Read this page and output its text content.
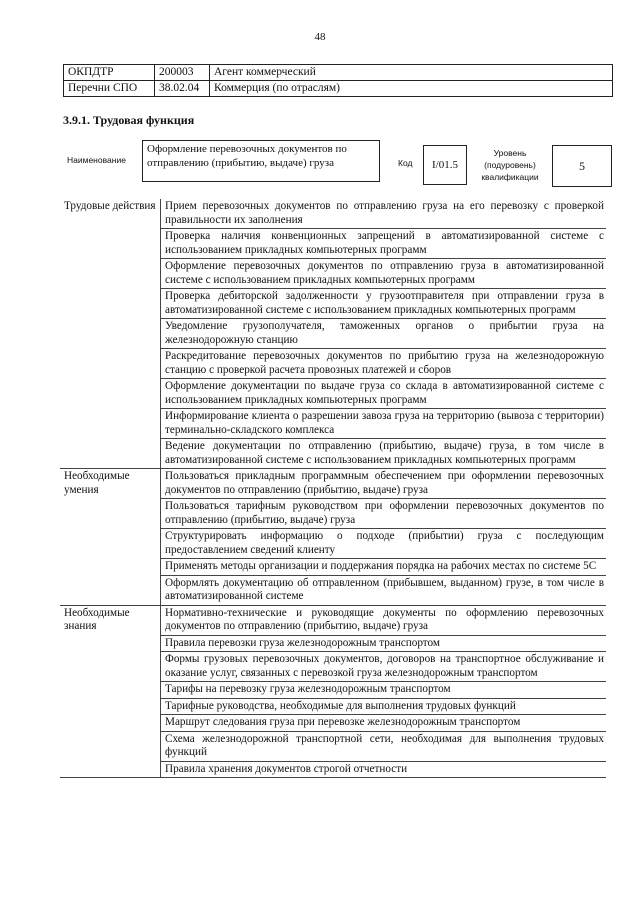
48
ОКПДТР	200003	Агент коммерческий
Перечни СПО	38.02.04	Коммерция (по отраслям)
3.9.1. Трудовая функция
Наименование
Оформление перевозочных документов по отправлению (прибытию, выдаче) груза	Код	I/01.5
Уровень (подуровень) квалификации
5
Трудовые действия	Прием перевозочных документов по отправлению груза на его перевозку с проверкой правильности их заполнения
	Проверка наличия конвенционных запрещений в автоматизированной системе с использованием прикладных компьютерных программ
	Оформление перевозочных документов по отправлению груза в автоматизированной системе с использованием прикладных компьютерных программ
	Проверка дебиторской задолженности у грузоотправителя при отправлении груза в автоматизированной системе с использованием прикладных компьютерных программ
	Уведомление грузополучателя, таможенных органов о прибытии груза на железнодорожную станцию
	Раскредитование перевозочных документов по прибытию груза на железнодорожную станцию с проверкой расчета провозных платежей и сборов
	Оформление документации по выдаче груза со склада в автоматизированной системе с использованием прикладных компьютерных программ
	Информирование клиента о разрешении завоза груза на территорию (вывоза с территории) терминально-складского комплекса
	Ведение документации по отправлению (прибытию, выдаче) груза, в том числе в автоматизированной системе с использованием прикладных компьютерных программ
Необходимые умения	Пользоваться прикладным программным обеспечением при оформлении перевозочных документов по отправлению (прибытию, выдаче) груза
	Пользоваться тарифным руководством при оформлении перевозочных документов по отправлению (прибытию, выдаче) груза
	Структурировать информацию о подходе (прибытии) груза с последующим предоставлением сведений клиенту
	Применять методы организации и поддержания порядка на рабочих местах по системе 5С
	Оформлять документацию об отправленном (прибывшем, выданном) грузе, в том числе в автоматизированной системе
Необходимые знания	Нормативно-технические и руководящие документы по оформлению перевозочных документов по отправлению (прибытию, выдаче) груза
	Правила перевозки груза железнодорожным транспортом
	Формы грузовых перевозочных документов, договоров на транспортное обслуживание и оказание услуг, связанных с перевозкой груза железнодорожным транспортом
	Тарифы на перевозку груза железнодорожным транспортом
	Тарифные руководства, необходимые для выполнения трудовых функций
	Маршрут следования груза при перевозке железнодорожным транспортом
	Схема железнодорожной транспортной сети, необходимая для выполнения трудовых функций
	Правила хранения документов строгой отчетности
